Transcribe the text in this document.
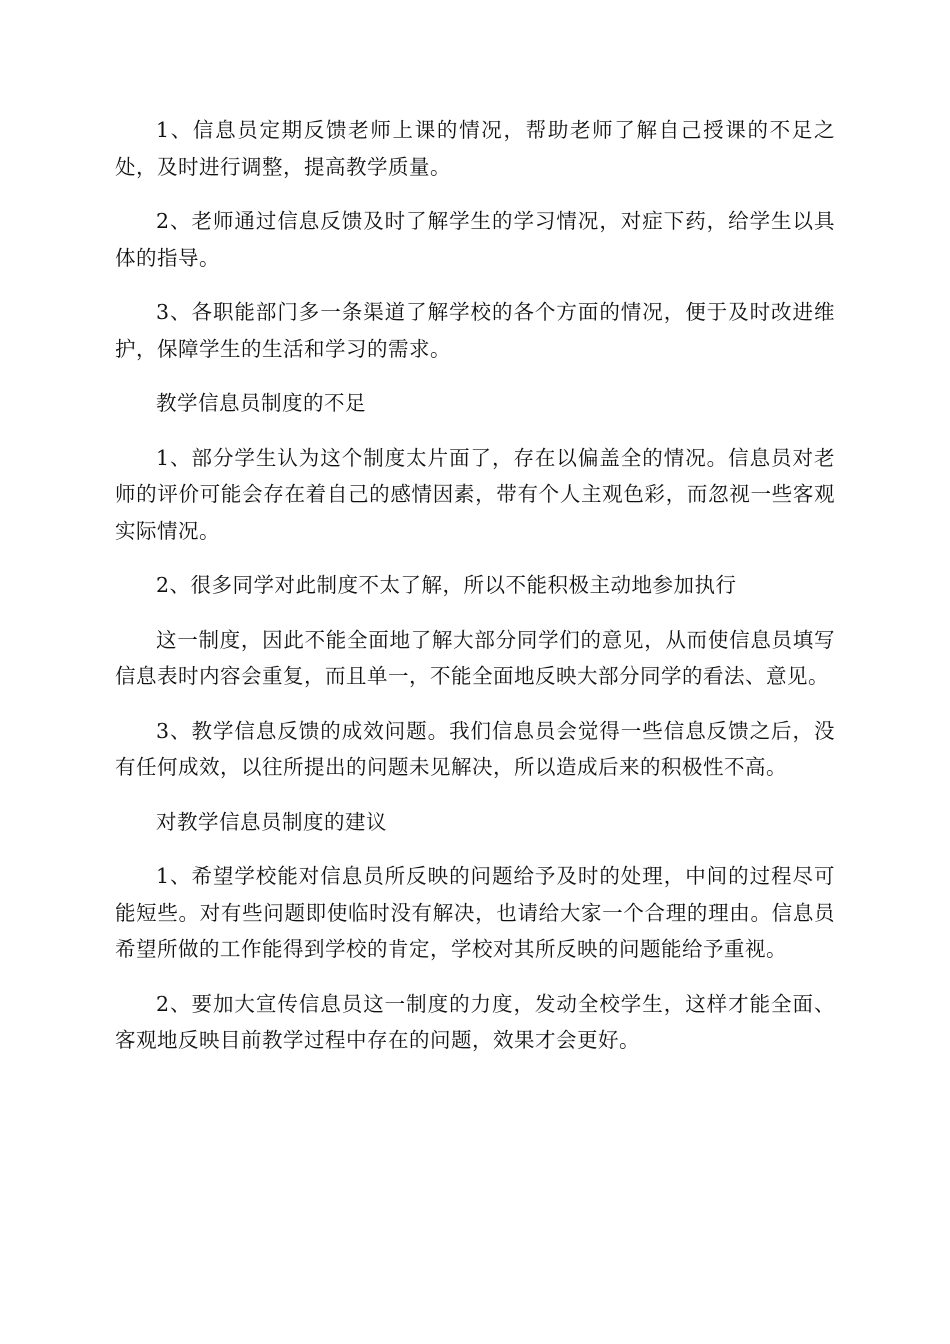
1、信息员定期反馈老师上课的情况，帮助老师了解自己授课的不足之处，及时进行调整，提高教学质量。

2、老师通过信息反馈及时了解学生的学习情况，对症下药，给学生以具体的指导。

3、各职能部门多一条渠道了解学校的各个方面的情况，便于及时改进维护，保障学生的生活和学习的需求。

教学信息员制度的不足

1、部分学生认为这个制度太片面了，存在以偏盖全的情况。信息员对老师的评价可能会存在着自己的感情因素，带有个人主观色彩，而忽视一些客观实际情况。

2、很多同学对此制度不太了解，所以不能积极主动地参加执行

这一制度，因此不能全面地了解大部分同学们的意见，从而使信息员填写信息表时内容会重复，而且单一，不能全面地反映大部分同学的看法、意见。

3、教学信息反馈的成效问题。我们信息员会觉得一些信息反馈之后，没有任何成效，以往所提出的问题未见解决，所以造成后来的积极性不高。

对教学信息员制度的建议

1、希望学校能对信息员所反映的问题给予及时的处理，中间的过程尽可能短些。对有些问题即使临时没有解决，也请给大家一个合理的理由。信息员希望所做的工作能得到学校的肯定，学校对其所反映的问题能给予重视。

2、要加大宣传信息员这一制度的力度，发动全校学生，这样才能全面、客观地反映目前教学过程中存在的问题，效果才会更好。
